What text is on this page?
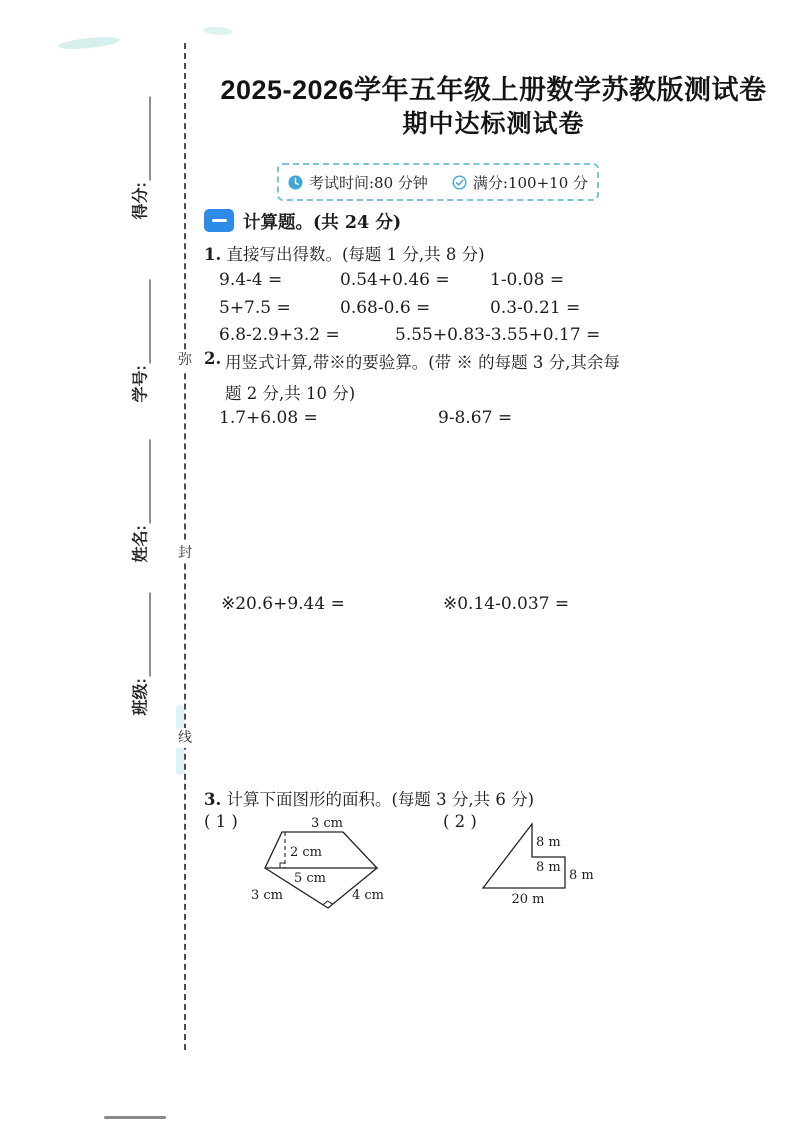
得分:
学号:
姓名:
班级:
弥
封
线
2025-2026学年五年级上册数学苏教版测试卷
期中达标测试卷
考试时间:80 分钟	满分:100+10 分
计算题。(共 24 分)
1. 直接写出得数。(每题 1 分,共 8 分)
9.4-4 =	0.54+0.46 = 1-0.08 =
5+7.5 =	0.68-0.6 =	0.3-0.21 =
6.8-2.9+3.2 =	5.55+0.83-3.55+0.17 =
2. 用竖式计算,带※的要验算。(带 ※ 的每题 3 分,其余每
题 2 分,共 10 分)
1.7+6.08 =	9-8.67 =
※20.6+9.44 =	※0.14-0.037 =
3. 计算下面图形的面积。(每题 3 分,共 6 分)
( 1 )	( 2 )
3 cm
2 cm
5 cm
3 cm	4 cm
8 m
8 m
8 m
20 m
